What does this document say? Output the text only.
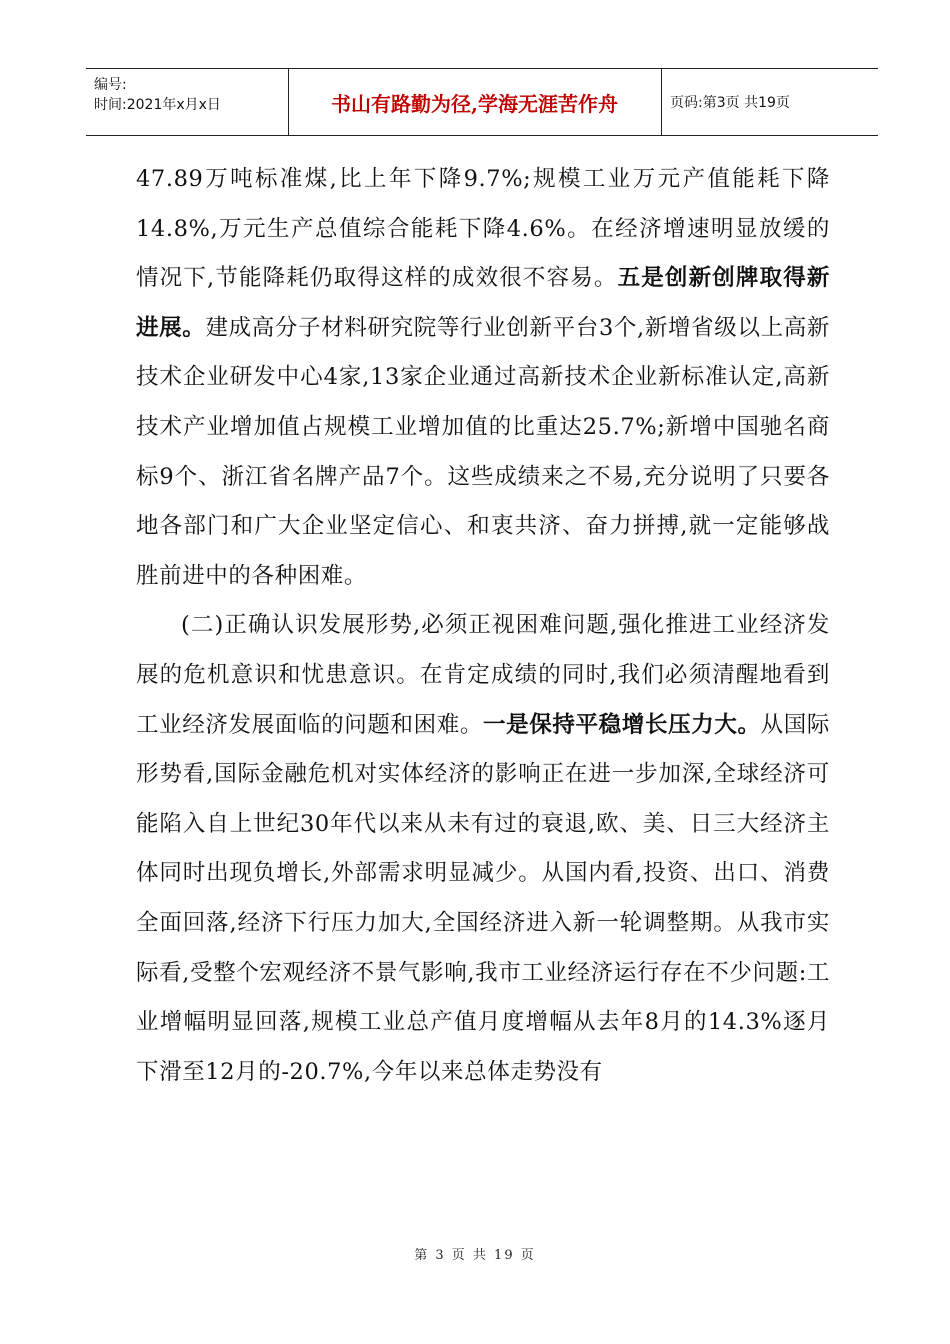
编号:
时间:2021年x月x日	书山有路勤为径,学海无涯苦作舟	页码:第3页 共19页

47.89万吨标准煤,比上年下降9.7%;规模工业万元产值能耗下降14.8%,万元生产总值综合能耗下降4.6%。在经济增速明显放缓的情况下,节能降耗仍取得这样的成效很不容易。五是创新创牌取得新进展。建成高分子材料研究院等行业创新平台3个,新增省级以上高新技术企业研发中心4家,13家企业通过高新技术企业新标准认定,高新技术产业增加值占规模工业增加值的比重达25.7%;新增中国驰名商标9个、浙江省名牌产品7个。这些成绩来之不易,充分说明了只要各地各部门和广大企业坚定信心、和衷共济、奋力拼搏,就一定能够战胜前进中的各种困难。

(二)正确认识发展形势,必须正视困难问题,强化推进工业经济发展的危机意识和忧患意识。在肯定成绩的同时,我们必须清醒地看到工业经济发展面临的问题和困难。一是保持平稳增长压力大。从国际形势看,国际金融危机对实体经济的影响正在进一步加深,全球经济可能陷入自上世纪30年代以来从未有过的衰退,欧、美、日三大经济主体同时出现负增长,外部需求明显减少。从国内看,投资、出口、消费全面回落,经济下行压力加大,全国经济进入新一轮调整期。从我市实际看,受整个宏观经济不景气影响,我市工业经济运行存在不少问题:工业增幅明显回落,规模工业总产值月度增幅从去年8月的14.3%逐月下滑至12月的-20.7%,今年以来总体走势没有

第 3 页 共 19 页
